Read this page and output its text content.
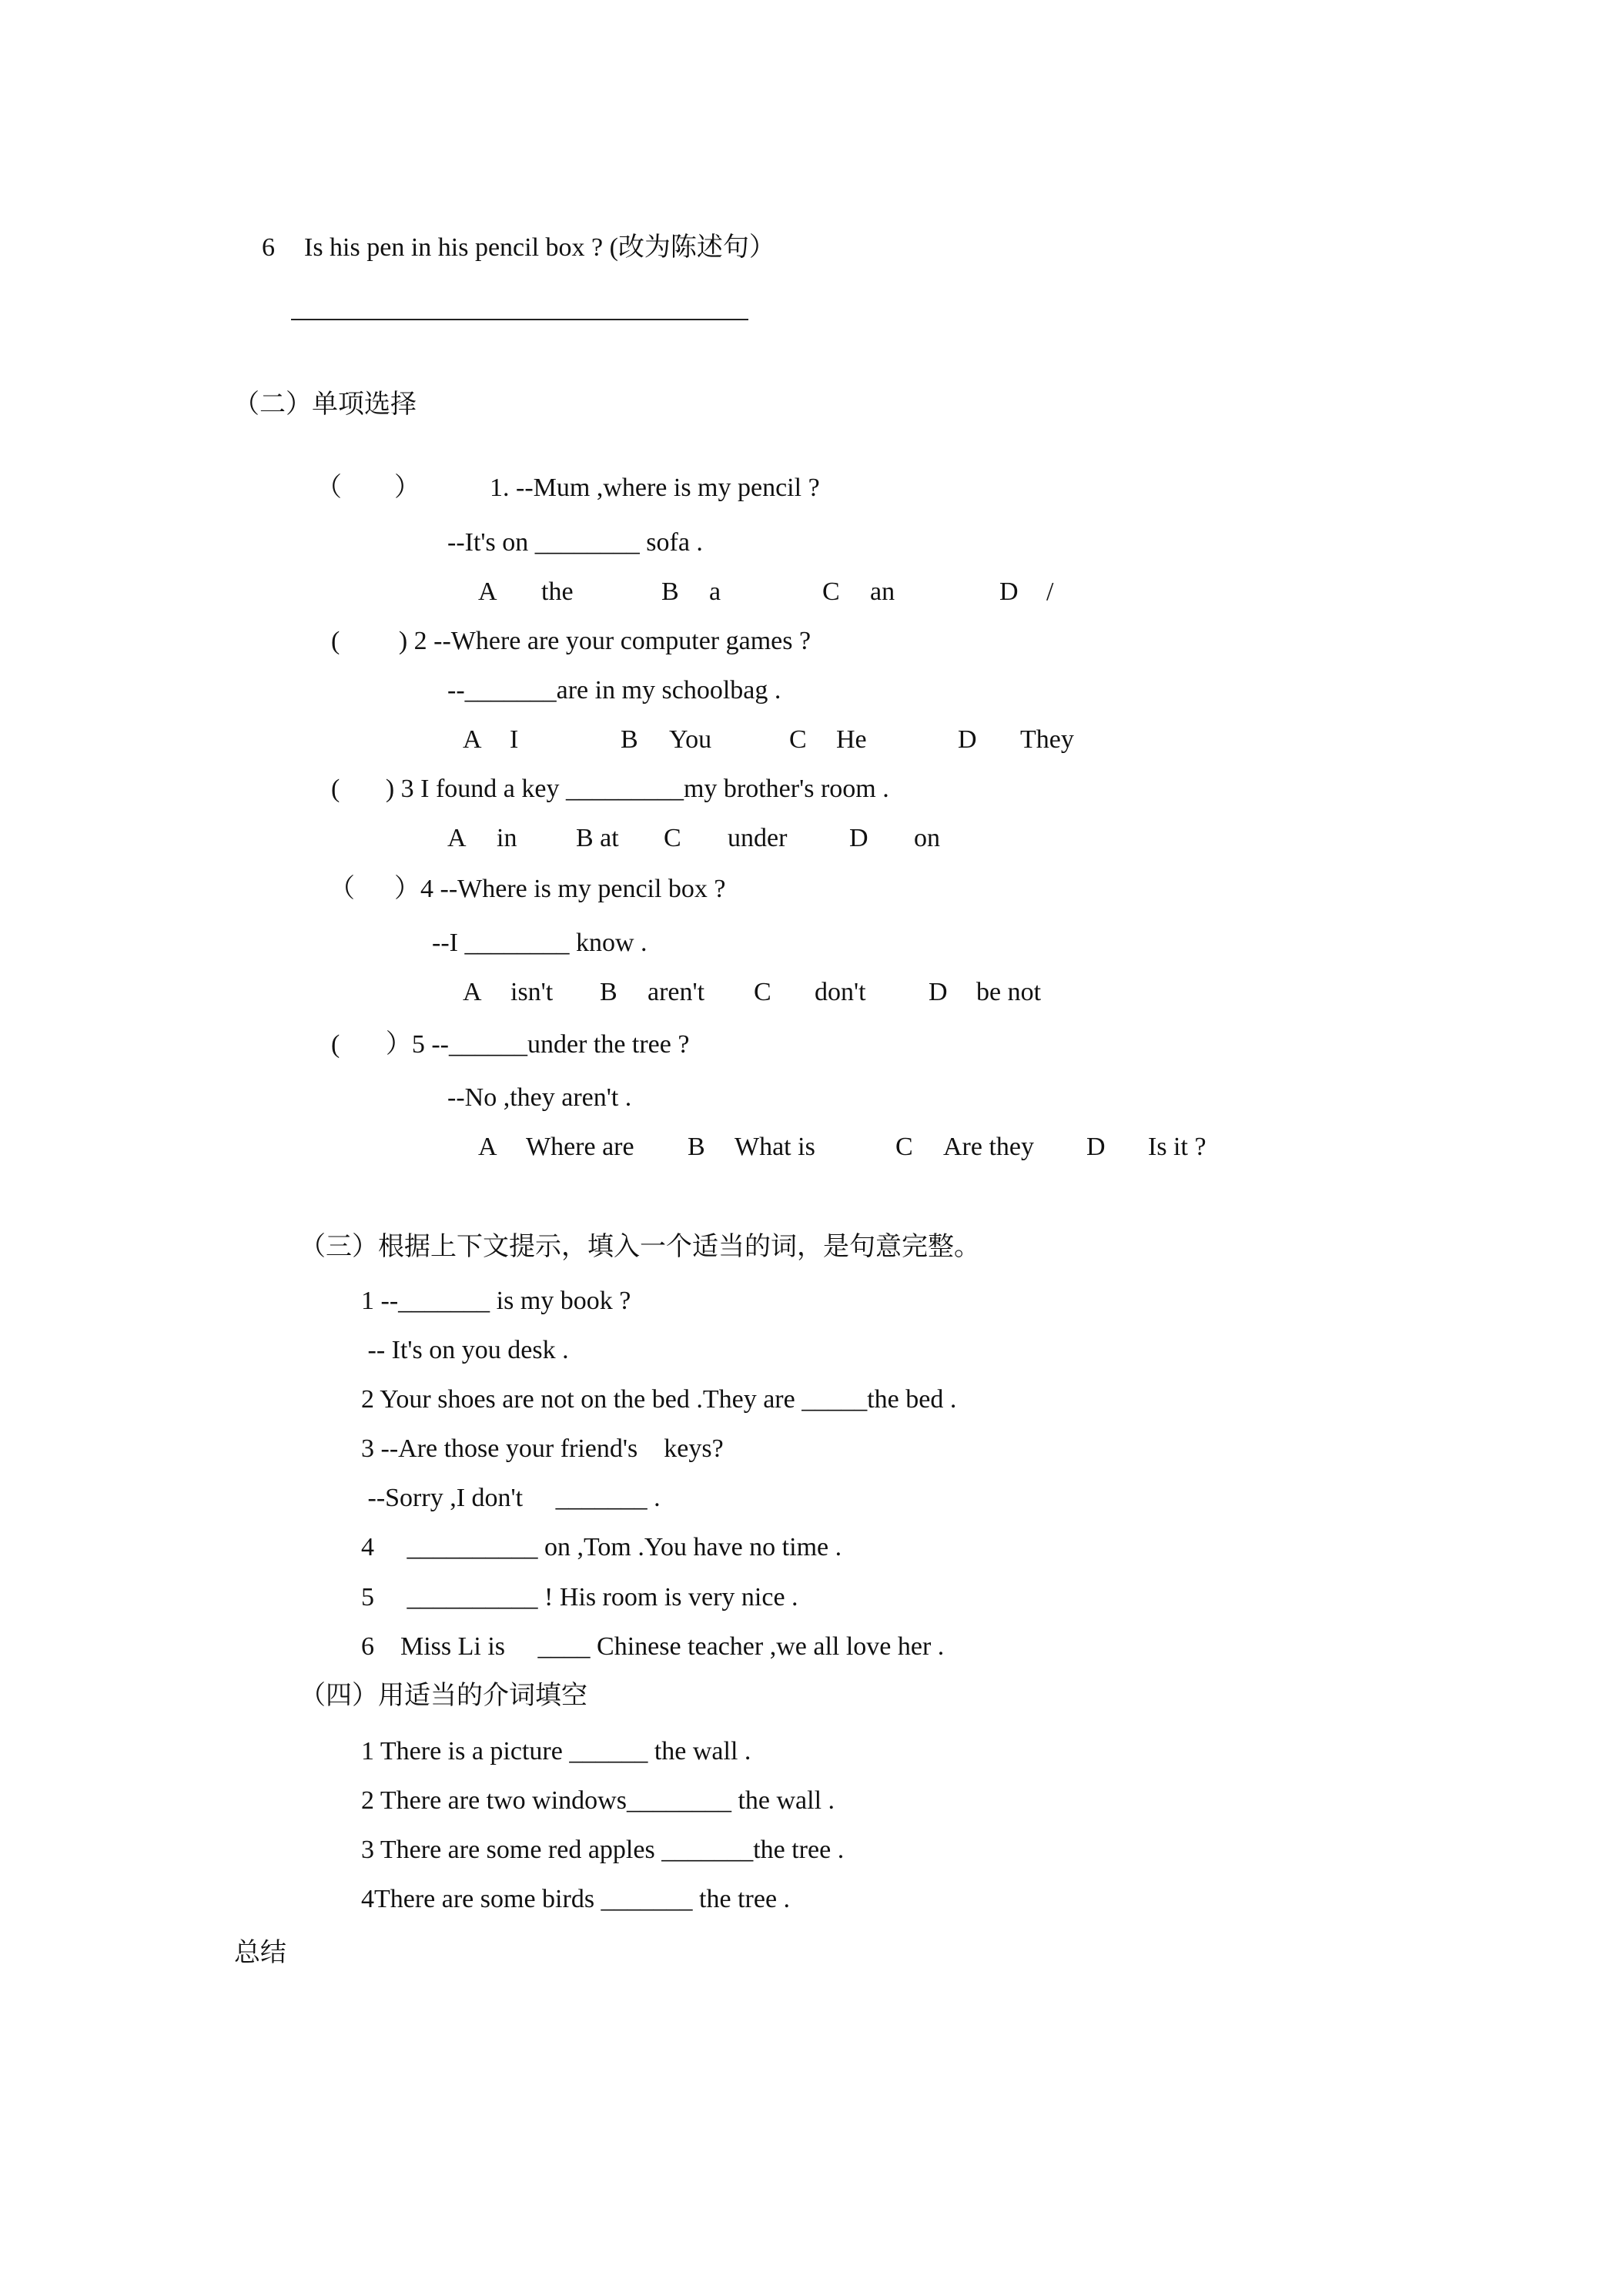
6 Is his pen in his pencil box ? (改为陈述句）
（二）单项选择
（        ）	1. --Mum ,where is my pencil ?
--It's on ________ sofa .
A the	B a	C an	D /
(         ) 2 --Where are your computer games ?
--_______are in my schoolbag .
A I	B You	C He	D They
(       ) 3 I found a key _________my brother's room .
A in B at C under D on
（      ）4 --Where is my pencil box ?
--I ________ know .
A isn't B aren't C don't D be not
(       ）5 --______under the tree ?
--No ,they aren't .
A Where are B What is	C Are they D Is it ?
（三）根据上下文提示，填入一个适当的词，是句意完整。
1 --_______ is my book ?
-- It's on you desk .
2 Your shoes are not on the bed .They are _____the bed .
3 --Are those your friend's    keys?
--Sorry ,I don't     _______ .
4     __________ on ,Tom .You have no time .
5     __________ ! His room is very nice .
6    Miss Li is     ____ Chinese teacher ,we all love her .
（四）用适当的介词填空
1 There is a picture ______ the wall .
2 There are two windows________ the wall .
3 There are some red apples _______the tree .
4There are some birds _______ the tree .
总结
